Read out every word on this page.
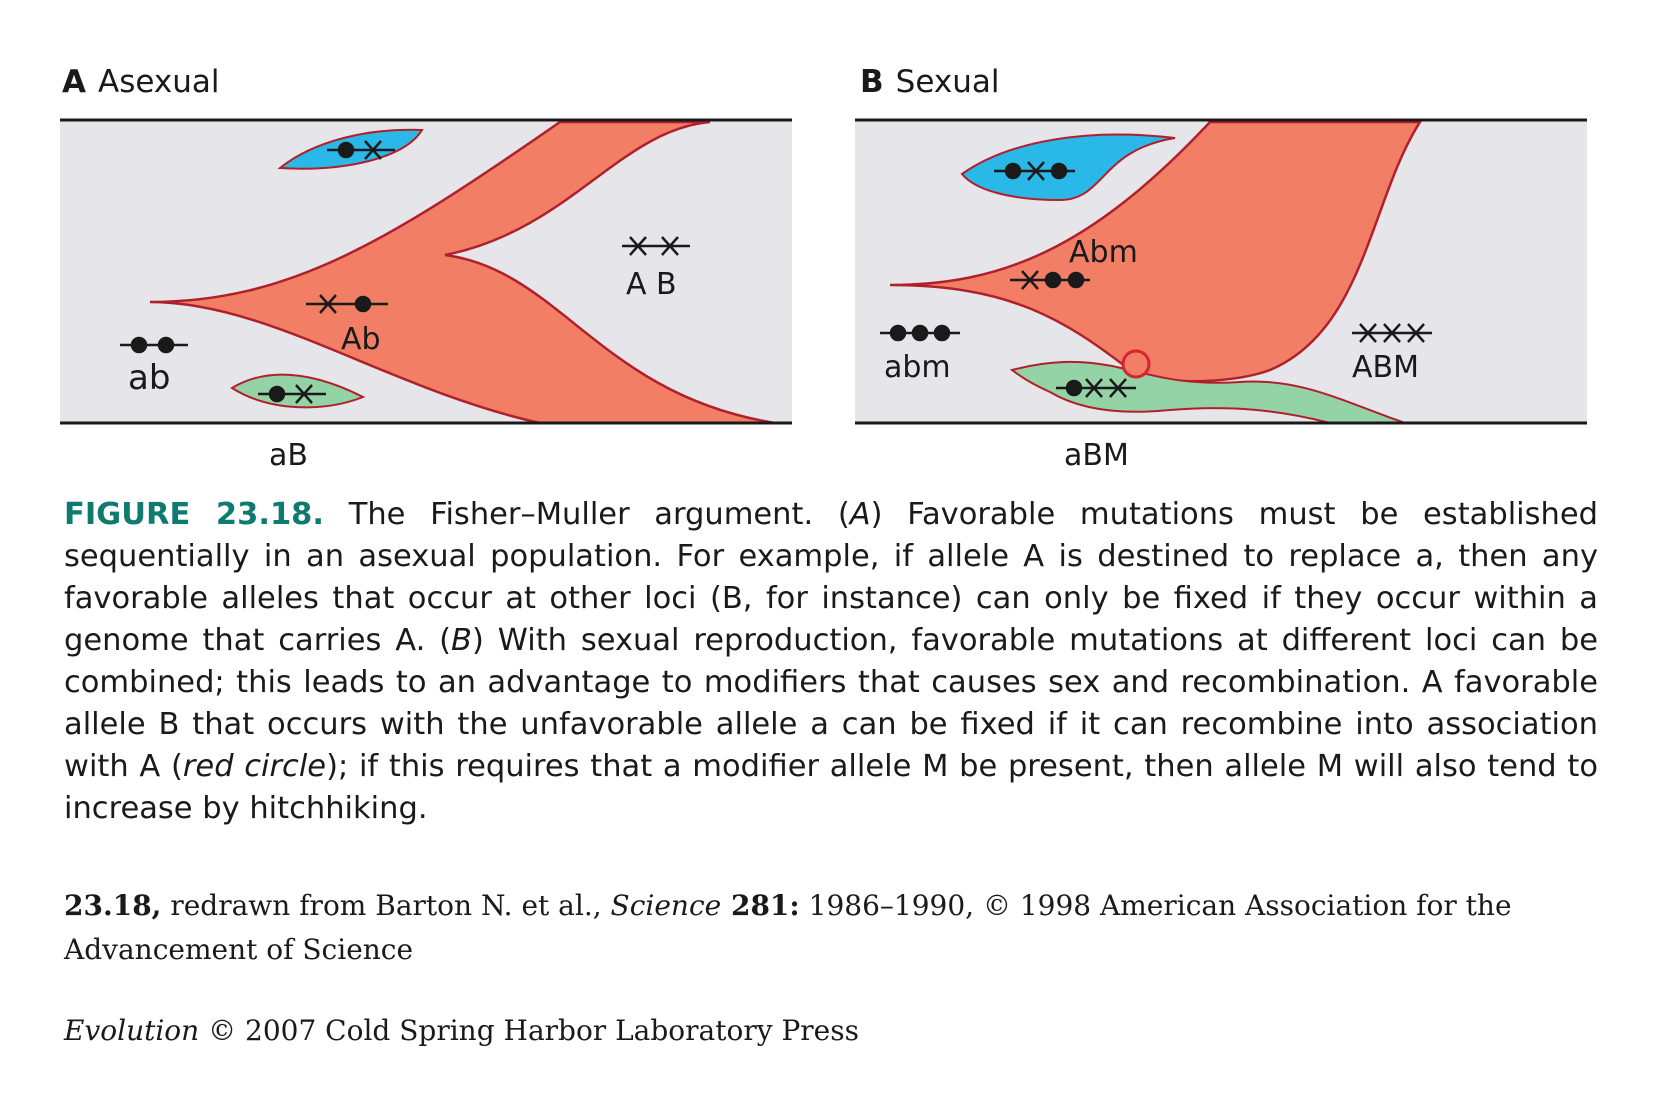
A Asexual	B Sexual
ab
Ab
A B
aB
Abm
abm	ABM
aBM
FIGURE 23.18. The Fisher–Muller argument. (A) Favorable mutations must be established sequentially in an asexual population. For example, if allele A is destined to replace a, then any favorable alleles that occur at other loci (B, for instance) can only be fixed if they occur within a genome that carries A. (B) With sexual reproduction, favorable mutations at different loci can be combined; this leads to an advantage to modifiers that causes sex and recombination. A favorable allele B that occurs with the unfavorable allele a can be fixed if it can recombine into association with A (red circle); if this requires that a modifier allele M be present, then allele M will also tend to increase by hitchhiking.
23.18, redrawn from Barton N. et al., Science 281: 1986–1990, © 1998 American Association for the Advancement of Science
Evolution © 2007 Cold Spring Harbor Laboratory Press
